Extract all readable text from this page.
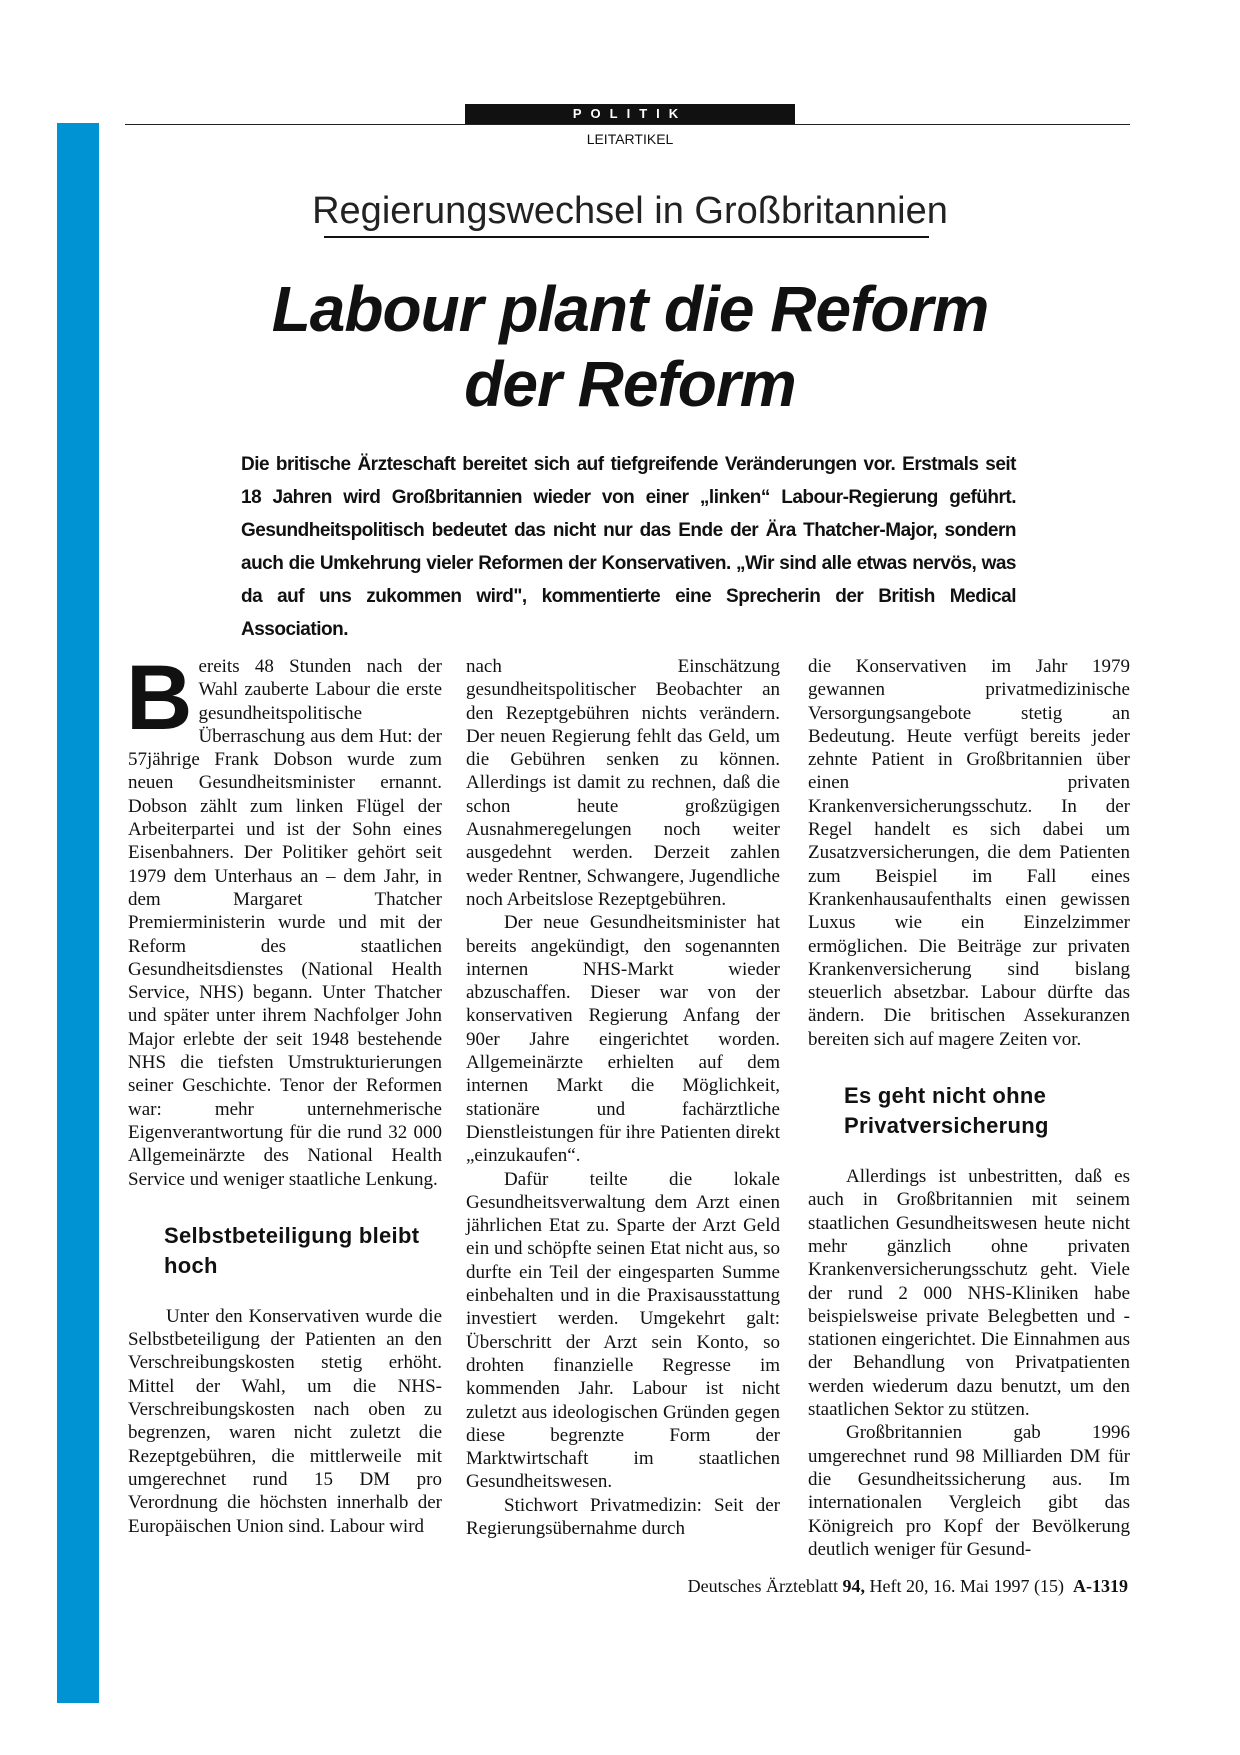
POLITIK
LEITARTIKEL
Regierungswechsel in Großbritannien
Labour plant die Reform
der Reform
Die britische Ärzteschaft bereitet sich auf tiefgreifende Veränderungen vor. Erstmals seit 18 Jahren wird Großbritannien wieder von einer „linken“ Labour-Regierung geführt. Gesundheitspolitisch bedeutet das nicht nur das Ende der Ära Thatcher-Major, sondern auch die Umkehrung vieler Reformen der Konservativen. „Wir sind alle etwas nervös, was da auf uns zukommen wird", kommentierte eine Sprecherin der British Medical Association.

Bereits 48 Stunden nach der Wahl zauberte Labour die erste gesundheitspolitische Überraschung aus dem Hut: der 57jährige Frank Dobson wurde zum neuen Gesundheitsminister ernannt. Dobson zählt zum linken Flügel der Arbeiterpartei und ist der Sohn eines Eisenbahners. Der Politiker gehört seit 1979 dem Unterhaus an – dem Jahr, in dem Margaret Thatcher Premierministerin wurde und mit der Reform des staatlichen Gesundheitsdienstes (National Health Service, NHS) begann. Unter Thatcher und später unter ihrem Nachfolger John Major erlebte der seit 1948 bestehende NHS die tiefsten Umstrukturierungen seiner Geschichte. Tenor der Reformen war: mehr unternehmerische Eigenverantwortung für die rund 32 000 Allgemeinärzte des National Health Service und weniger staatliche Lenkung.

Selbstbeteiligung bleibt hoch

Unter den Konservativen wurde die Selbstbeteiligung der Patienten an den Verschreibungskosten stetig erhöht. Mittel der Wahl, um die NHS-Verschreibungskosten nach oben zu begrenzen, waren nicht zuletzt die Rezeptgebühren, die mittlerweile mit umgerechnet rund 15 DM pro Verordnung die höchsten innerhalb der Europäischen Union sind. Labour wird

nach Einschätzung gesundheitspolitischer Beobachter an den Rezeptgebühren nichts verändern. Der neuen Regierung fehlt das Geld, um die Gebühren senken zu können. Allerdings ist damit zu rechnen, daß die schon heute großzügigen Ausnahmeregelungen noch weiter ausgedehnt werden. Derzeit zahlen weder Rentner, Schwangere, Jugendliche noch Arbeitslose Rezeptgebühren.

Der neue Gesundheitsminister hat bereits angekündigt, den sogenannten internen NHS-Markt wieder abzuschaffen. Dieser war von der konservativen Regierung Anfang der 90er Jahre eingerichtet worden. Allgemeinärzte erhielten auf dem internen Markt die Möglichkeit, stationäre und fachärztliche Dienstleistungen für ihre Patienten direkt „einzukaufen“.

Dafür teilte die lokale Gesundheitsverwaltung dem Arzt einen jährlichen Etat zu. Sparte der Arzt Geld ein und schöpfte seinen Etat nicht aus, so durfte ein Teil der eingesparten Summe einbehalten und in die Praxisausstattung investiert werden. Umgekehrt galt: Überschritt der Arzt sein Konto, so drohten finanzielle Regresse im kommenden Jahr. Labour ist nicht zuletzt aus ideologischen Gründen gegen diese begrenzte Form der Marktwirtschaft im staatlichen Gesundheitswesen.

Stichwort Privatmedizin: Seit der Regierungsübernahme durch

die Konservativen im Jahr 1979 gewannen privatmedizinische Versorgungsangebote stetig an Bedeutung. Heute verfügt bereits jeder zehnte Patient in Großbritannien über einen privaten Krankenversicherungsschutz. In der Regel handelt es sich dabei um Zusatzversicherungen, die dem Patienten zum Beispiel im Fall eines Krankenhausaufenthalts einen gewissen Luxus wie ein Einzelzimmer ermöglichen. Die Beiträge zur privaten Krankenversicherung sind bislang steuerlich absetzbar. Labour dürfte das ändern. Die britischen Assekuranzen bereiten sich auf magere Zeiten vor.

Es geht nicht ohne Privatversicherung

Allerdings ist unbestritten, daß es auch in Großbritannien mit seinem staatlichen Gesundheitswesen heute nicht mehr gänzlich ohne privaten Krankenversicherungsschutz geht. Viele der rund 2 000 NHS-Kliniken habe beispielsweise private Belegbetten und -stationen eingerichtet. Die Einnahmen aus der Behandlung von Privatpatienten werden wiederum dazu benutzt, um den staatlichen Sektor zu stützen.

Großbritannien gab 1996 umgerechnet rund 98 Milliarden DM für die Gesundheitssicherung aus. Im internationalen Vergleich gibt das Königreich pro Kopf der Bevölkerung deutlich weniger für Gesund-

Deutsches Ärzteblatt 94, Heft 20, 16. Mai 1997 (15) A-1319
